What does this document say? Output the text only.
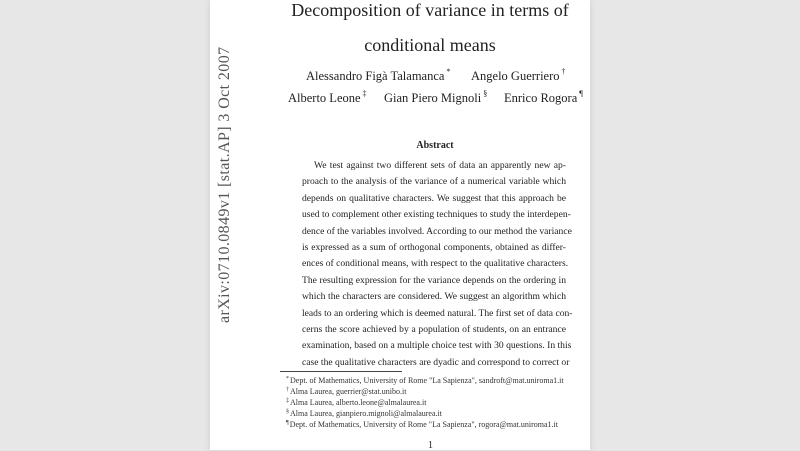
arXiv:0710.0849v1 [stat.AP] 3 Oct 2007
Decomposition of variance in terms of
conditional means
Alessandro Figà Talamanca * Angelo Guerriero †
Alberto Leone ‡ Gian Piero Mignoli § Enrico Rogora ¶
Abstract
We test against two different sets of data an apparently new ap-
proach to the analysis of the variance of a numerical variable which
depends on qualitative characters. We suggest that this approach be
used to complement other existing techniques to study the interdepen-
dence of the variables involved. According to our method the variance
is expressed as a sum of orthogonal components, obtained as differ-
ences of conditional means, with respect to the qualitative characters.
The resulting expression for the variance depends on the ordering in
which the characters are considered. We suggest an algorithm which
leads to an ordering which is deemed natural. The first set of data con-
cerns the score achieved by a population of students, on an entrance
examination, based on a multiple choice test with 30 questions. In this
case the qualitative characters are dyadic and correspond to correct or
*Dept. of Mathematics, University of Rome "La Sapienza", sandroft@mat.uniroma1.it
†Alma Laurea, guerrier@stat.unibo.it
‡Alma Laurea, alberto.leone@almalaurea.it
§Alma Laurea, gianpiero.mignoli@almalaurea.it
¶Dept. of Mathematics, University of Rome "La Sapienza", rogora@mat.uniroma1.it
1
